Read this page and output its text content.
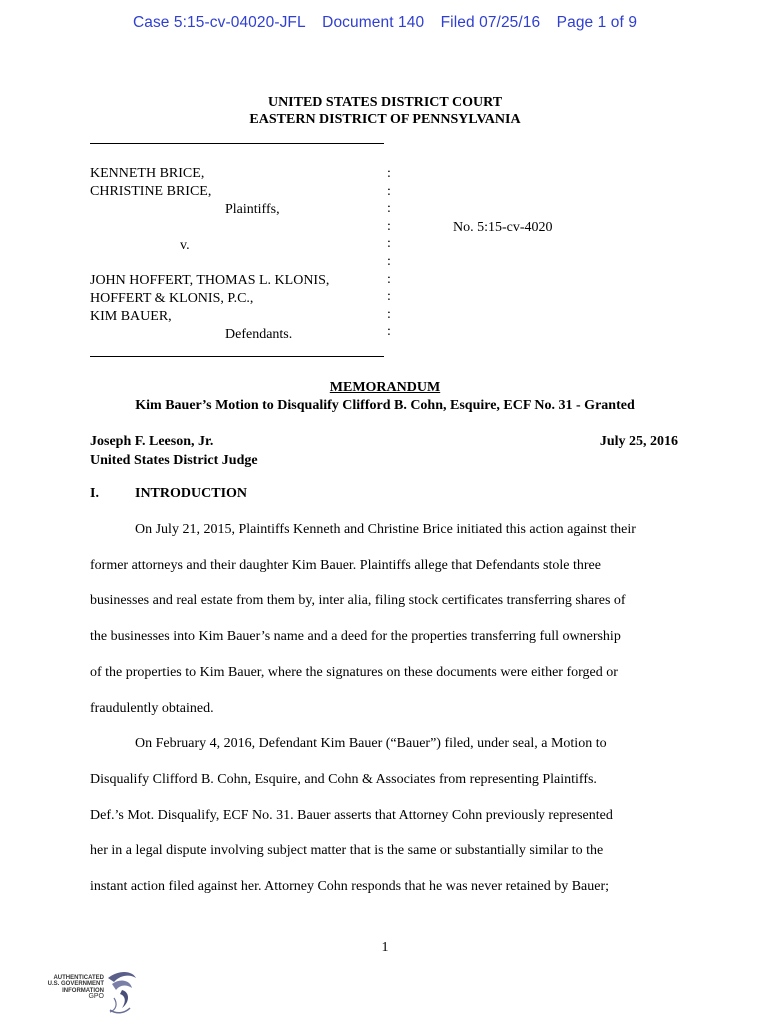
Case 5:15-cv-04020-JFL Document 140 Filed 07/25/16 Page 1 of 9
UNITED STATES DISTRICT COURT
EASTERN DISTRICT OF PENNSYLVANIA
KENNETH BRICE,
CHRISTINE BRICE,
Plaintiffs,
v.
JOHN HOFFERT, THOMAS L. KLONIS,
HOFFERT & KLONIS, P.C.,
KIM BAUER,
Defendants.
:
:
:
:
:
:
:
:
:
:
No. 5:15-cv-4020
MEMORANDUM
Kim Bauer’s Motion to Disqualify Clifford B. Cohn, Esquire, ECF No. 31 - Granted
Joseph F. Leeson, Jr.
United States District Judge
July 25, 2016
I.	INTRODUCTION

On July 21, 2015, Plaintiffs Kenneth and Christine Brice initiated this action against their

former attorneys and their daughter Kim Bauer. Plaintiffs allege that Defendants stole three

businesses and real estate from them by, inter alia, filing stock certificates transferring shares of

the businesses into Kim Bauer’s name and a deed for the properties transferring full ownership

of the properties to Kim Bauer, where the signatures on these documents were either forged or

fraudulently obtained.

On February 4, 2016, Defendant Kim Bauer (“Bauer”) filed, under seal, a Motion to

Disqualify Clifford B. Cohn, Esquire, and Cohn & Associates from representing Plaintiffs.

Def.’s Mot. Disqualify, ECF No. 31. Bauer asserts that Attorney Cohn previously represented

her in a legal dispute involving subject matter that is the same or substantially similar to the

instant action filed against her. Attorney Cohn responds that he was never retained by Bauer;

1
AUTHENTICATED
U.S. GOVERNMENT
INFORMATION
GPO
